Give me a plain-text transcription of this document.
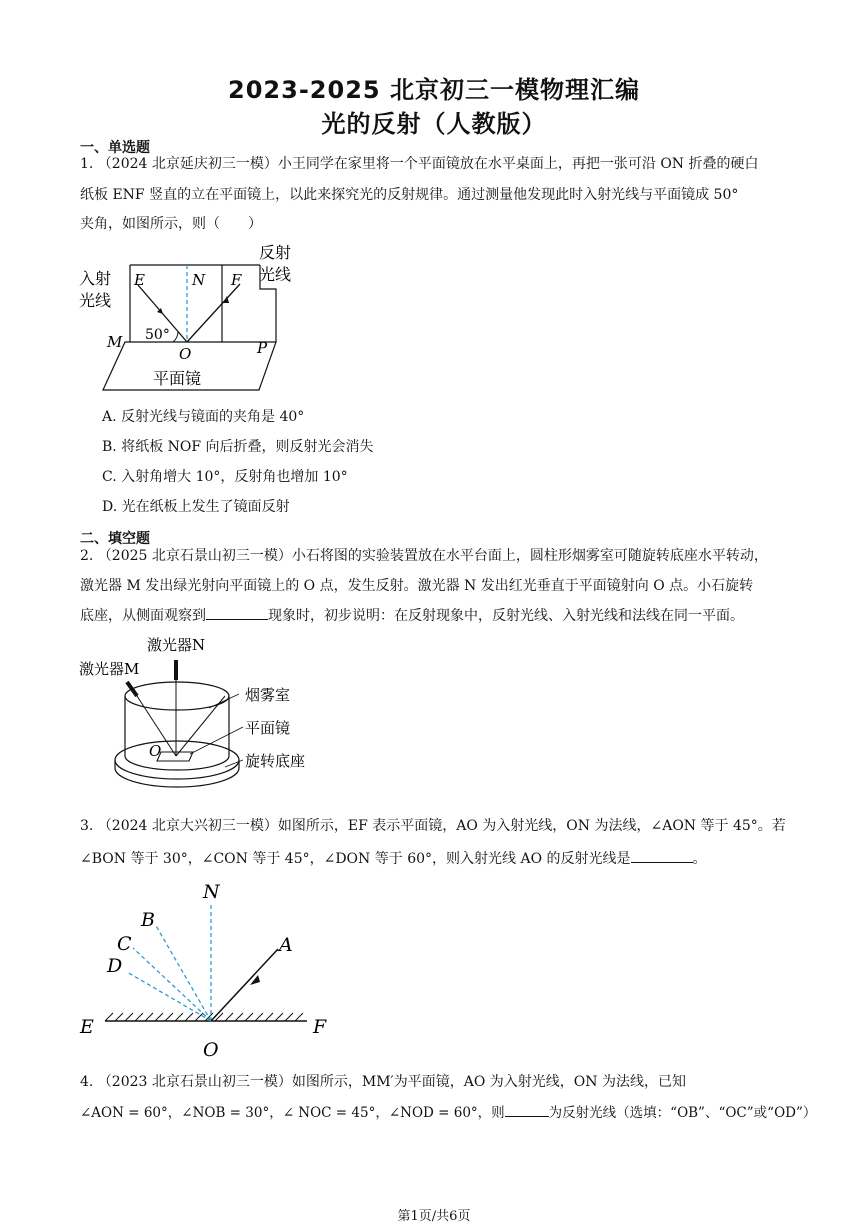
2023-2025 北京初三一模物理汇编
光的反射（人教版）
一、单选题
1. （2024 北京延庆初三一模）小王同学在家里将一个平面镜放在水平桌面上，再把一张可沿 ON 折叠的硬白
纸板 ENF 竖直的立在平面镜上，以此来探究光的反射规律。通过测量他发现此时入射光线与平面镜成 50°
夹角，如图所示，则（　　）
入射
光线
反射
光线
E	N F
M
O	P
50°
平面镜
A. 反射光线与镜面的夹角是 40°
B. 将纸板 NOF 向后折叠，则反射光会消失
C. 入射角增大 10°，反射角也增加 10°
D. 光在纸板上发生了镜面反射
二、填空题
2. （2025 北京石景山初三一模）小石将图的实验装置放在水平台面上，圆柱形烟雾室可随旋转底座水平转动，
激光器 M 发出绿光射向平面镜上的 O 点，发生反射。激光器 N 发出红光垂直于平面镜射向 O 点。小石旋转
底座，从侧面观察到	现象时，初步说明：在反射现象中，反射光线、入射光线和法线在同一平面。
激光器N
激光器M
烟雾室
平面镜
旋转底座
O
3. （2024 北京大兴初三一模）如图所示，EF 表示平面镜，AO 为入射光线，ON 为法线，∠AON 等于 45°。若
∠BON 等于 30°，∠CON 等于 45°，∠DON 等于 60°，则入射光线 AO 的反射光线是	。
N
A
B
C
D
E	F
O
4. （2023 北京石景山初三一模）如图所示，MM′为平面镜，AO 为入射光线，ON 为法线，已知
∠AON = 60°，∠NOB = 30°，∠ NOC = 45°，∠NOD = 60°，则	为反射光线（选填：“OB”、“OC”或“OD”）
第1页/共6页
